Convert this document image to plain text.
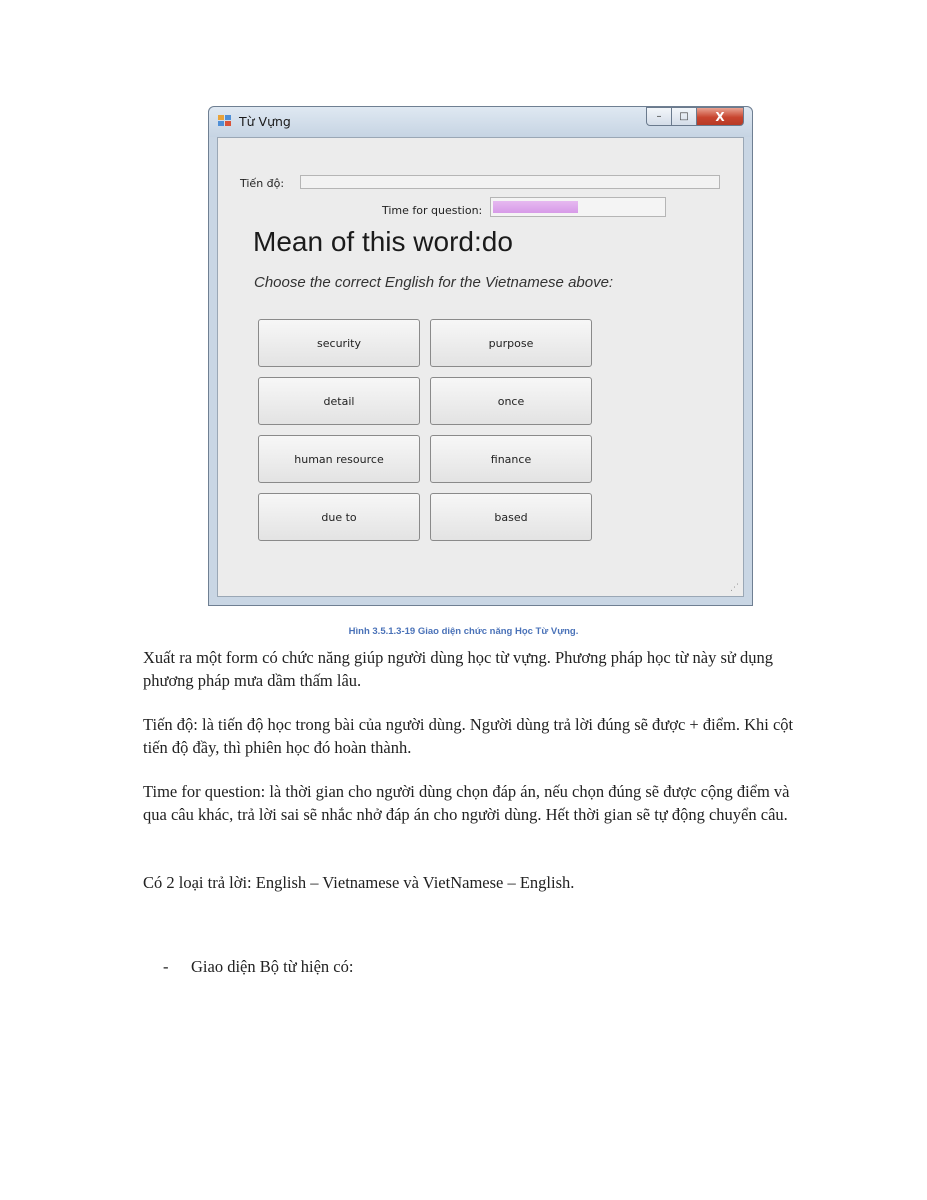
Từ Vựng	–	□	X
Tiến độ:
Time for question:
Mean of this word:do
Choose the correct English for the Vietnamese above:
security	purpose
detail	once
human resource	finance
due to	based
⋰
Hình 3.5.1.3-19 Giao diện chức năng Học Từ Vựng.

Xuất ra một form có chức năng giúp người dùng học từ vựng. Phương pháp học từ này sử dụng phương pháp mưa dầm thấm lâu.

Tiến độ: là tiến độ học trong bài của người dùng. Người dùng trả lời đúng sẽ được + điểm. Khi cột tiến độ đầy, thì phiên học đó hoàn thành.

Time for question: là thời gian cho người dùng chọn đáp án, nếu chọn đúng sẽ được cộng điểm và qua câu khác, trả lời sai sẽ nhắc nhở đáp án cho người dùng. Hết thời gian sẽ tự động chuyển câu.

Có 2 loại trả lời: English – Vietnamese và VietNamese – English.

- Giao diện Bộ từ hiện có:
